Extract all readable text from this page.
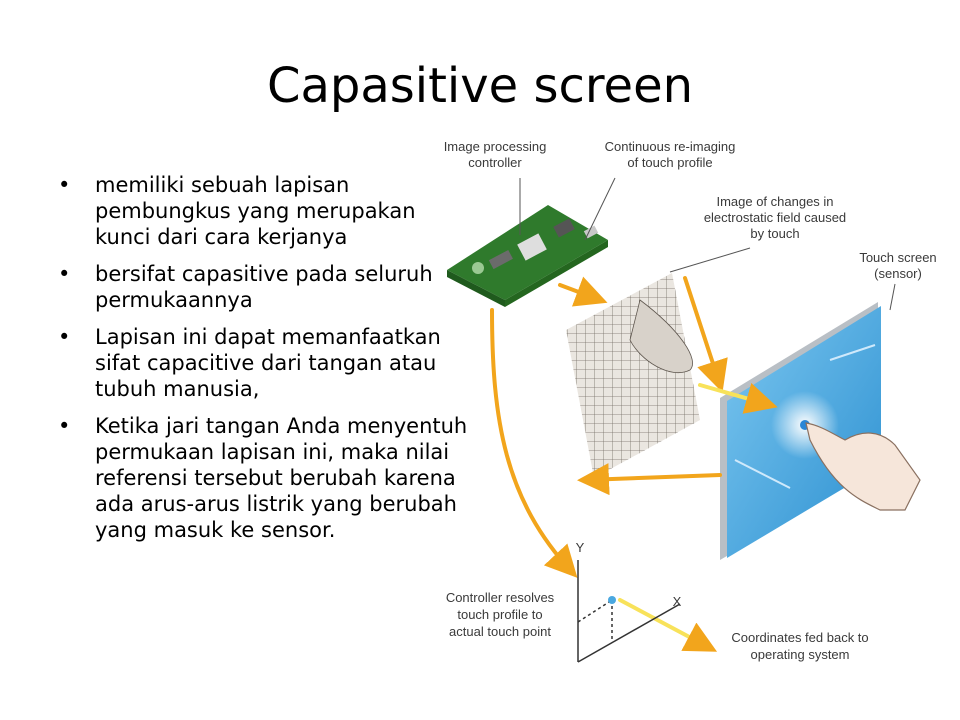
Capasitive screen
• memiliki sebuah lapisan pembungkus yang merupakan kunci dari cara kerjanya
• bersifat capasitive pada seluruh permukaannya
• Lapisan ini dapat memanfaatkan sifat capacitive dari tangan atau tubuh manusia,
• Ketika jari tangan Anda menyentuh permukaan lapisan ini, maka nilai referensi tersebut berubah karena ada arus-arus listrik yang berubah yang masuk ke sensor.
Image processing
controller
Continuous re-imaging
of touch profile
Image of changes in
electrostatic field caused
by touch
Touch screen
(sensor)
Controller resolves
touch profile to
actual touch point	Coordinates fed back to
operating system
Y
X
